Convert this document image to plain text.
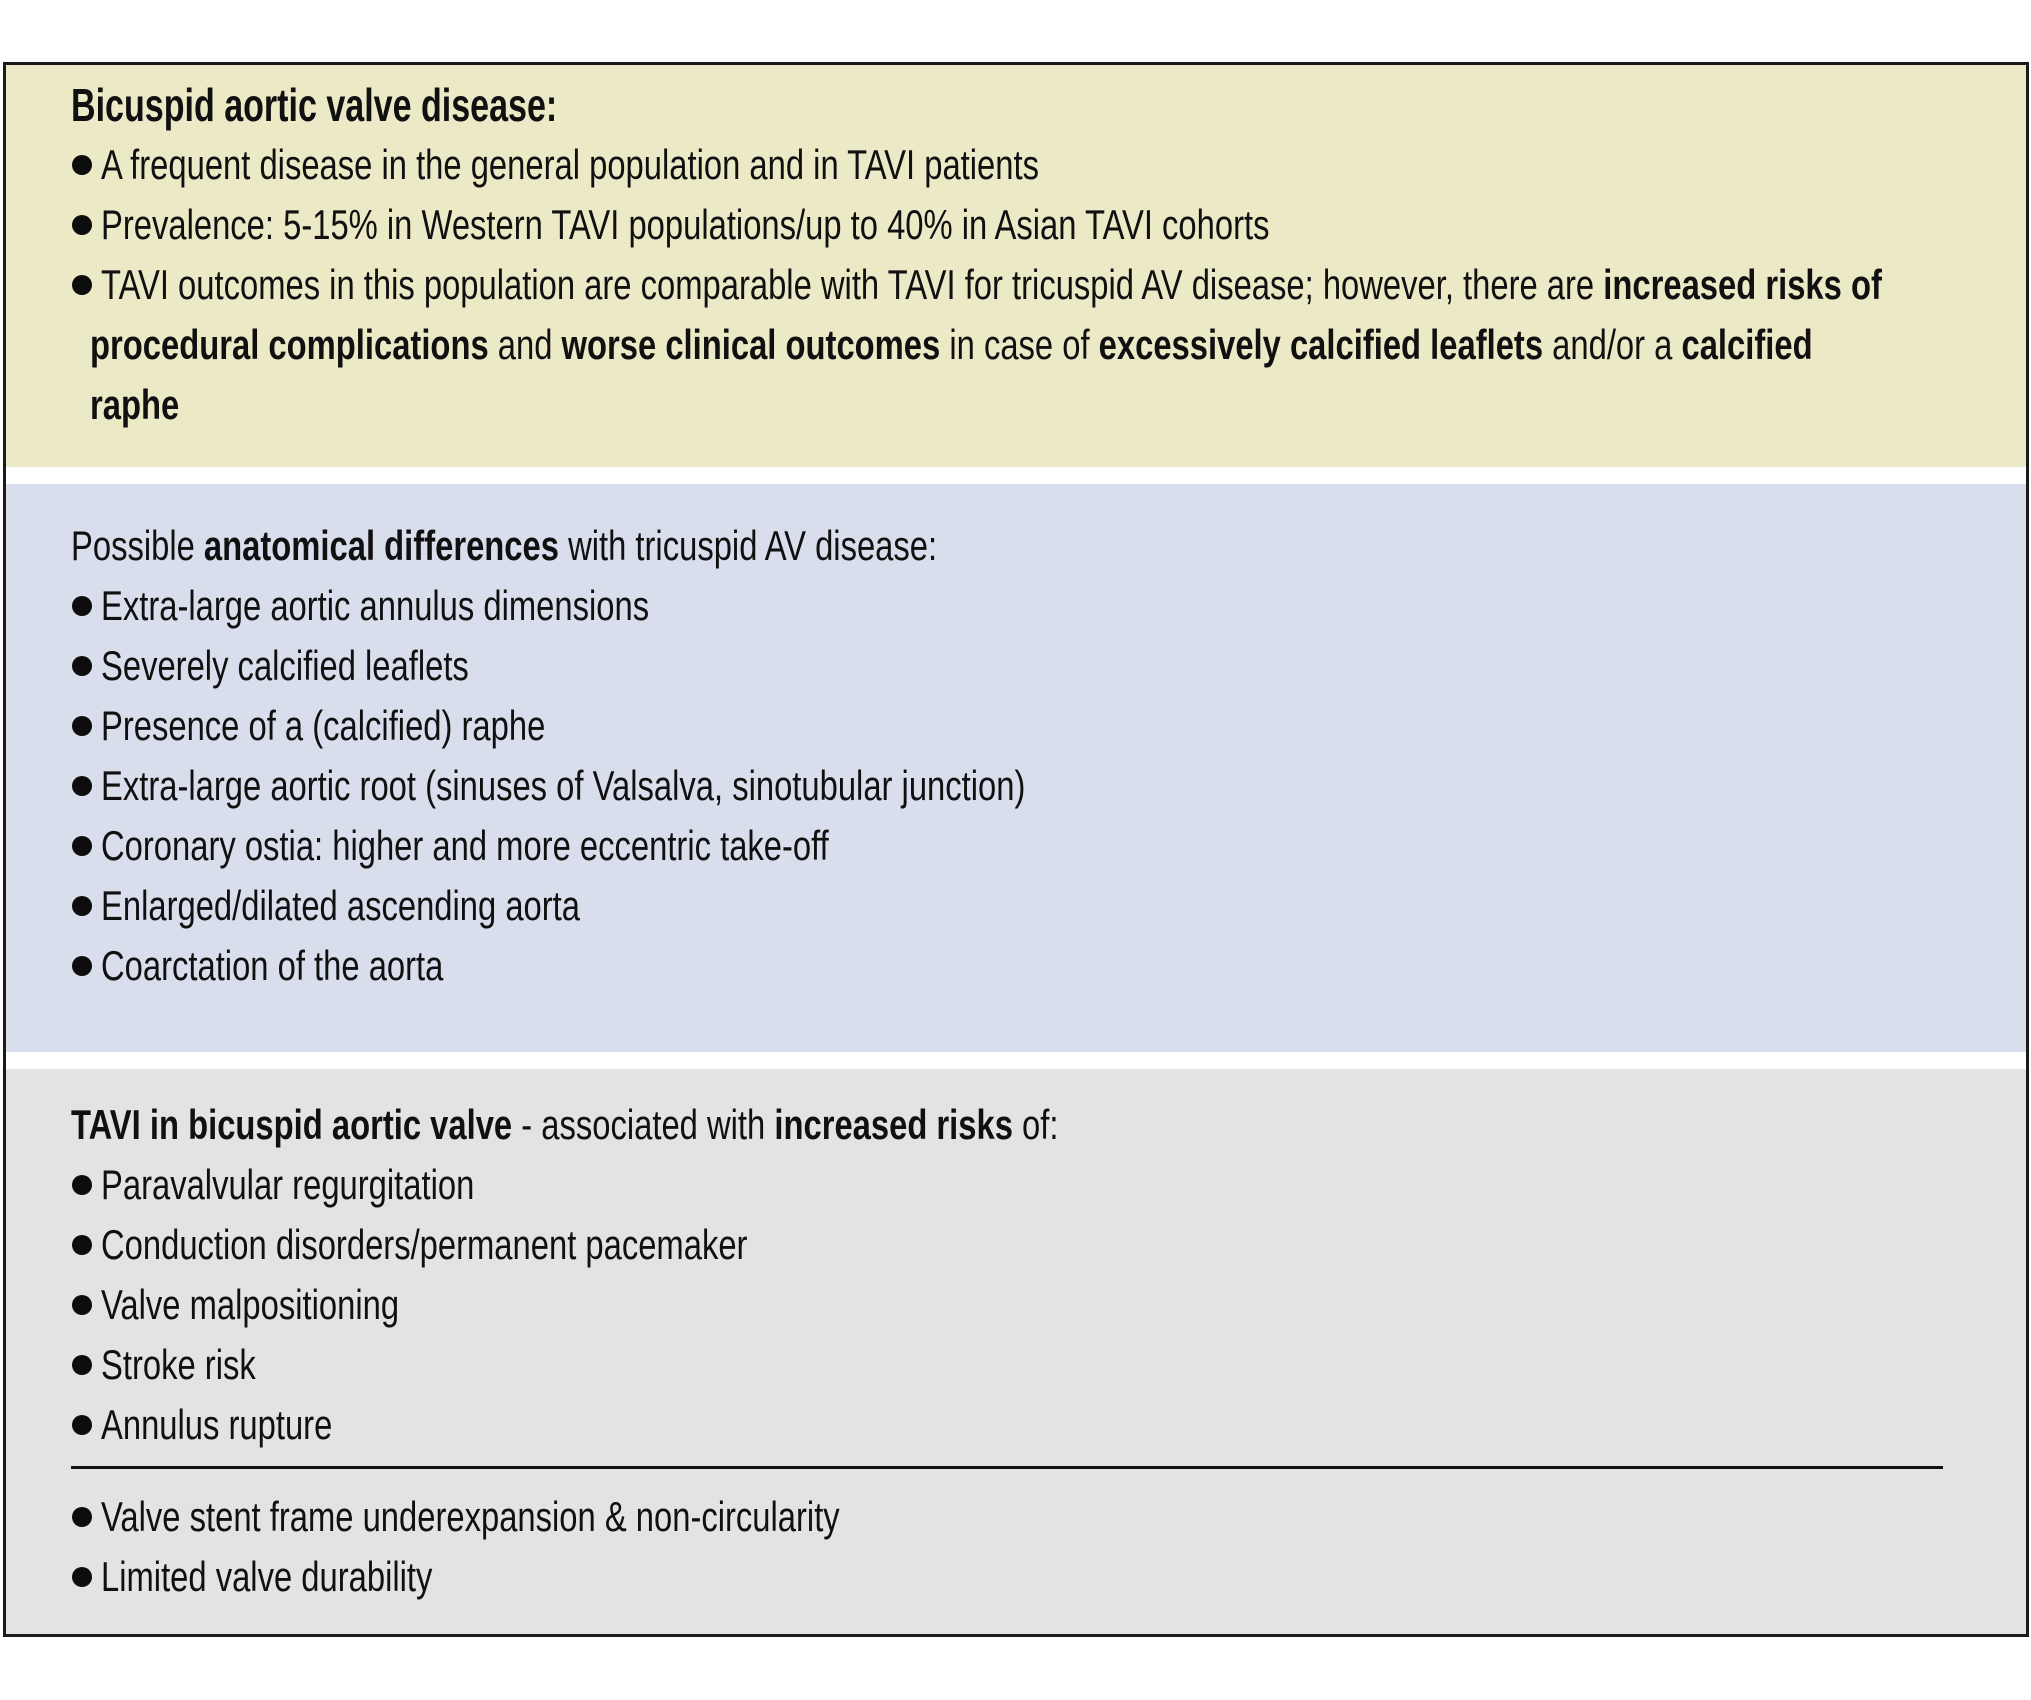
Bicuspid aortic valve disease:
A frequent disease in the general population and in TAVI patients
Prevalence: 5-15% in Western TAVI populations/up to 40% in Asian TAVI cohorts
TAVI outcomes in this population are comparable with TAVI for tricuspid AV disease; however, there are increased risks of
procedural complications and worse clinical outcomes in case of excessively calcified leaflets and/or a calcified
raphe
Possible anatomical differences with tricuspid AV disease:
Extra-large aortic annulus dimensions
Severely calcified leaflets
Presence of a (calcified) raphe
Extra-large aortic root (sinuses of Valsalva, sinotubular junction)
Coronary ostia: higher and more eccentric take-off
Enlarged/dilated ascending aorta
Coarctation of the aorta
TAVI in bicuspid aortic valve - associated with increased risks of:
Paravalvular regurgitation
Conduction disorders/permanent pacemaker
Valve malpositioning
Stroke risk
Annulus rupture
Valve stent frame underexpansion & non-circularity
Limited valve durability
